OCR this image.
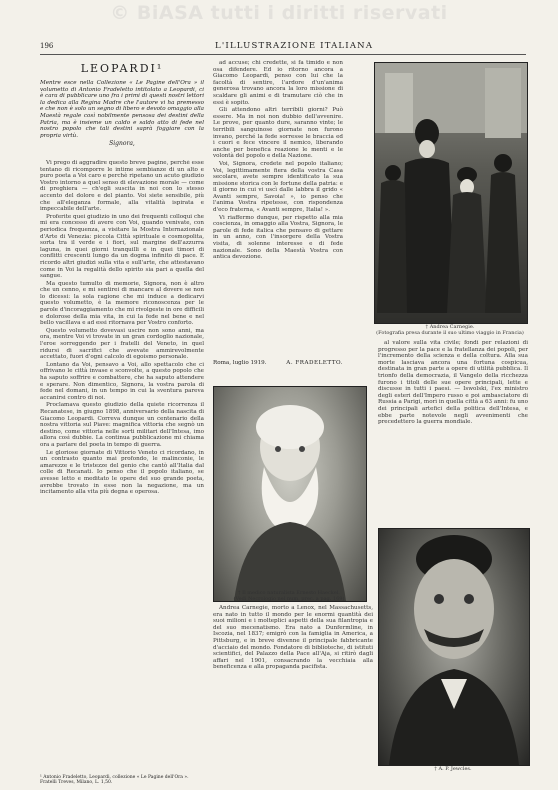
© BiASA tutti i diritti riservati
196	L'ILLUSTRAZIONE ITALIANA
LEOPARDI¹
Mentre esce nella Collezione « Le Pagine dell'Ora » il volumetto di Antonio Fradeletto intitolato a Leopardi, ci è cara di pubblicare uno fra i primi di questi nostri lettori la dedica alla Regina Madre che l'autore vi ha premesso e che non è solo un segno di libero e devoto omaggio alla Maestà regale così nobilmente pensosa dei destini della Patria, ma è insieme un caldo e saldo atto di fede nel nostro popolo che tali destini saprà foggiare con la propria virtù.
Signora,

Vi prego di aggradire questo breve pagine, perchè esse tentano di ricomporre le intime sembianze di un alto e puro poeta a Voi caro e perchè ripetano un acuto giudizio Vostro intorno a quel senso di elevazione morale — come di preghiera — ch'egli suscita in noi con lo stesso accento del dolore e del pianto. Voi siete sensibile, più che all'eleganza formale, alla vitalità ispirata e impeccabile dell'arte.

Proferite quei giudizio in uno dei frequenti colloqui che mi era concesso di avere con Voi, quando venivate, con periodica frequenza, a visitare la Mostra Internazionale d'Arte di Venezia: piccola Città spirituale e cosmopolita, sorta tra il verde e i fiori, sul margine dell'azzurra laguna, in quei giorni tranquilli e in quei timori di conflitti crescenti lungo da un dogma infinito di pace. E ricordo altri giudizi sulla vita e sull'arte, che attestavano come in Voi la regalità dello spirito sia pari a quella del sangue.

Ma questo tumulto di memorie, Signora, non è altro che un cenno, e mi sentirei di mancare al dovere se non lo dicessi: la sola ragione che mi induce a dedicarvi questo volumetto, è la memore riconoscenza per le parole d'incoraggiamento che mi rivolgeste in ore difficili e dolorose della mia vita, in cui la fede nel bene e nel bello vacillava e ad essi ritornava per Vostro conforto.

Questo volumetto dovevasi uscire non sono anni, ma ora, mentre Voi vi trovate in un gran cordoglio nazionale, l'eroe sorreggendo per i fratelli del Veneto, in quel ridursi di sacrifici che avevate ammirevolmente accettato, fuori d'ogni calcolo di egoismo personale.

Lontano da Voi, pensavo a Voi, allo spettacolo che ci offrivano le città invase e sconvolte, a questo popolo che ha saputo soffrire e combattere, che ha saputo attendere e sperare. Non dimentico, Signora, la vostra parola di fede nel domani, in un tempo in cui la sventura pareva accanirsi contro di noi.

Proclamava questo giudizio della quiete ricorrenza il Recanatese, in giugno 1898, anniversario della nascita di Giacomo Leopardi. Correva dunque un centenario della nostra vittoria sul Piave: magnifica vittoria che segnò un destino, come vittoria nelle sorti militari dell'Intesa, imo allora così dubbie. La continua pubblicazione mi chiama ora a parlare del poeta in tempo di guerra.

Le gloriose giornate di Vittorio Veneto ci ricordano, in un contrasto quanto mai profondo, le malinconie, le amarezze e le tristezze del genio che cantò all'Italia dal colle di Recanati. Io penso che il popolo italiano, se avesse letto e meditato le opere del suo grande poeta, avrebbe trovato in esse non la negazione, ma un incitamento alla vita più degna e operosa.

ad accuse; chi credette, si fa timido e non osa difendere. Ed io ritorno ancora a Giacomo Leopardi, penso con lui che la facoltà di sentire, l'ardore d'un'anima generosa trovano ancora la loro missione di scaldare gli animi e di tramutare ciò che in essi è sopito.

Gli attendono altri terribili giorni? Può essere. Ma in noi non dubbio dell'avvenire. Le prove, per quanto dure, saranno vinte; le terribili sanguinose giornate non furono invano, perché la fede sorresse le braccia ed i cuori e fece vincere il nemico, liberando anche per benefica reazione le menti e le volontà del popolo e della Nazione.

Voi, Signora, credete nel popolo italiano; Voi, legittimamente fiera della vostra Casa secolare, avete sempre identificato la sua missione storica con le fortune della patria: e il giorno in cui vi uscì dalle labbra il grido « Avanti sempre, Savoia! », io penso che l'anima Vostra ripetesse, con rispondenza d'eco fraterna, « Avanti sempre, Italia! ».

Vi riaffermo dunque, per rispetto alla mia coscienza, in omaggio alla Vostra, Signora, le parole di fede italica che pensavo di gettare in un anno, con l'insorgere della Vostra visita, di solenne interesse e di fede nazionale. Sono della Maestà Vostra con antica devozione.

Roma, luglio 1919.	A. FRADELETTO.
† Andrea Carnegie.
(Fotografia presa durante il suo ultimo viaggio in Francia)
† Il medico naturalista Ernesto Haeckel.
(Vedi Necrologio nel num. prec. a pag. 169)

Andrea Carnegie, morto a Lenox, nel Massachusetts, era nato in tutto il mondo per le enormi quantità dei suoi milioni e i molteplici aspetti della sua filantropia e del suo mecenatismo. Era nato a Dunfermline, in Iscozia, nel 1837; emigrò con la famiglia in America, a Pittsburg, e in breve divenne il principale fabbricante d'acciaio del mondo. Fondatore di biblioteche, di istituti scientifici, del Palazzo della Pace all'Aja, si ritirò dagli affari nel 1901, consacrando la vecchiaia alla beneficenza e alla propaganda pacifista.

al valore sulla vita civile; fondi per relazioni di progresso per la pace e la fratellanza dei popoli, per l'incremento della scienza e della coltura. Alla sua morte lasciava ancora una fortuna cospicua, destinata in gran parte a opere di utilità pubblica. Il trionfo della democrazia, il Vangelo della ricchezza furono i titoli delle sue opere principali, lette e discusse in tutti i paesi. — Iswolski, l'ex ministro degli esteri dell'Impero russo e poi ambasciatore di Russia a Parigi, morì in quella città a 63 anni: fu uno dei principali artefici della politica dell'Intesa, e ebbe parte notevole negli avvenimenti che precedettero la guerra mondiale.

† A. P. Jewcles.
¹ Antonio Fradeletto, Leopardi, collezione « Le Pagine dell'Ora ». Fratelli Treves, Milano, L. 1,50.
